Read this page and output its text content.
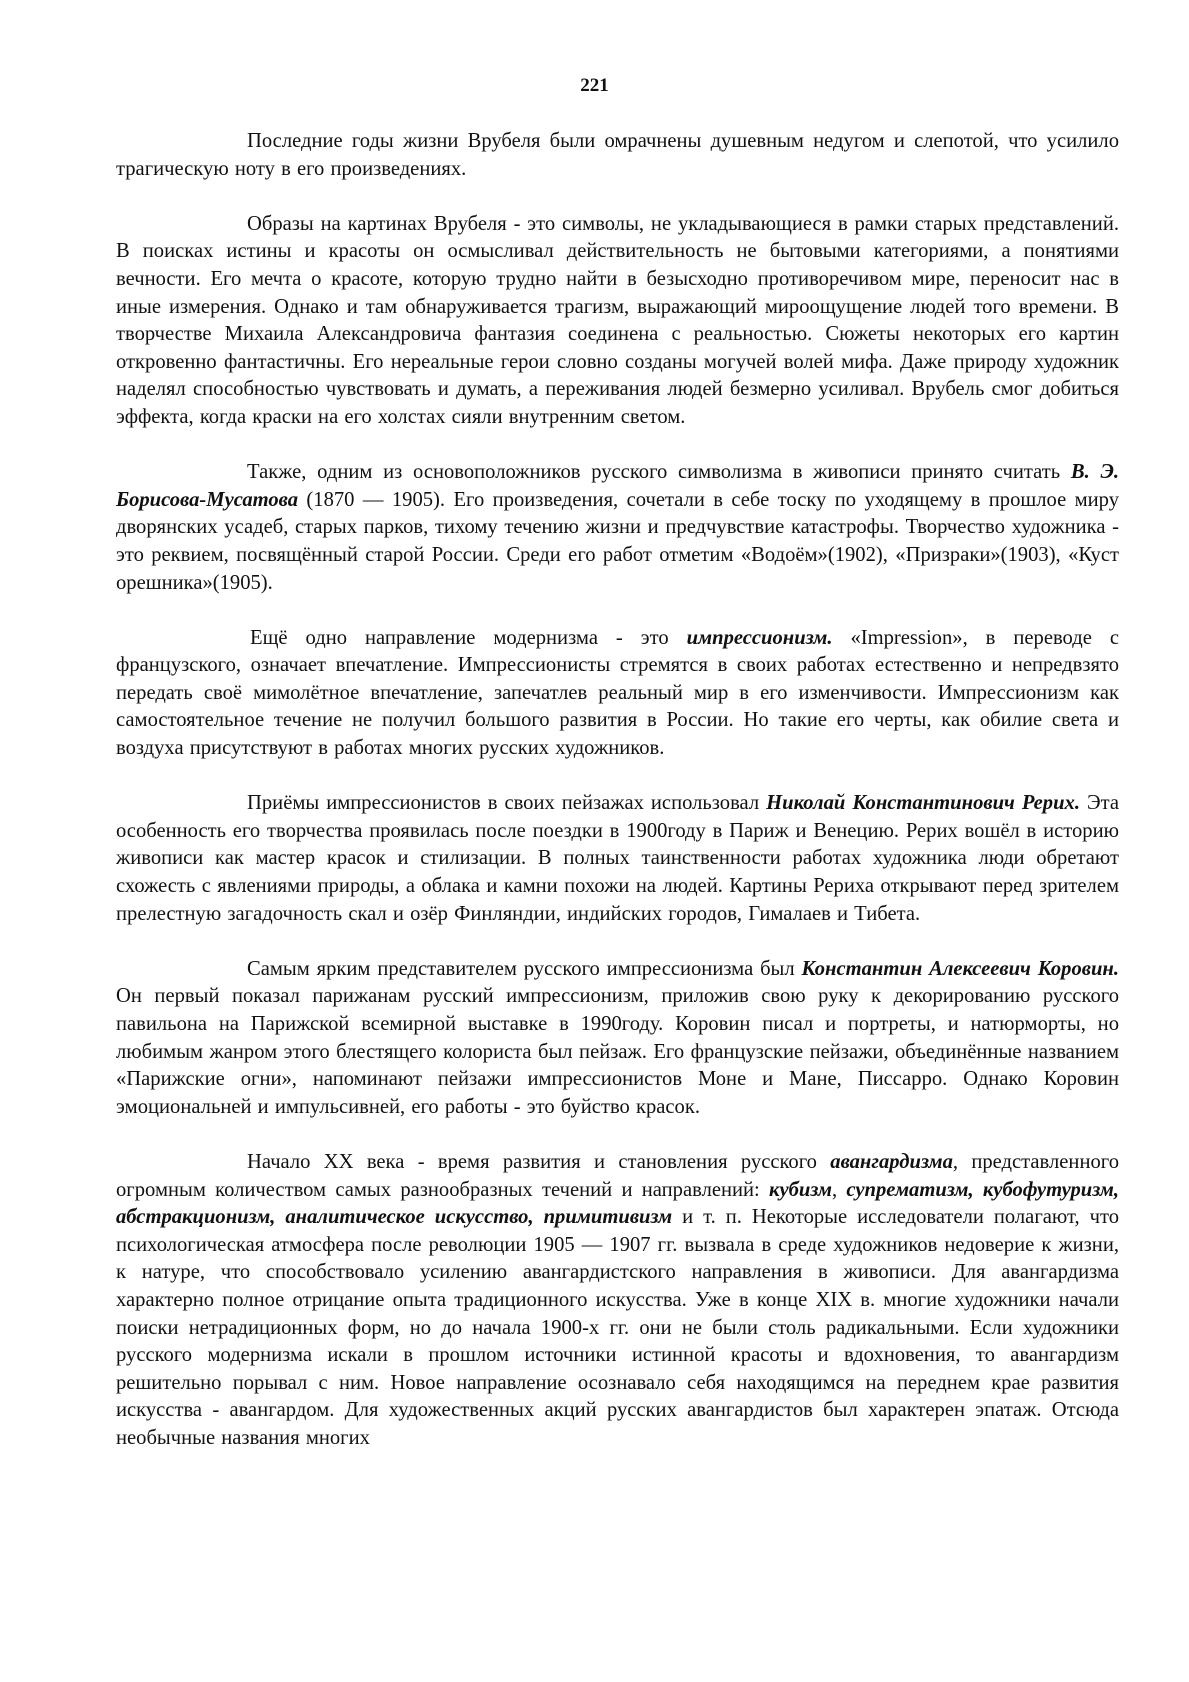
221

Последние годы жизни Врубеля были омрачнены душевным недугом и слепотой, что усилило трагическую ноту в его произведениях.

Образы на картинах Врубеля - это символы, не укладывающиеся в рамки старых представлений. В поисках истины и красоты он осмысливал действительность не бытовыми категориями, а понятиями вечности. Его мечта о красоте, которую трудно найти в безысходно противоречивом мире, переносит нас в иные измерения. Однако и там обнаруживается трагизм, выражающий мироощущение людей того времени. В творчестве Михаила Александровича фантазия соединена с реальностью. Сюжеты некоторых его картин откровенно фантастичны. Его нереальные герои словно созданы могучей волей мифа. Даже природу художник наделял способностью чувствовать и думать, а переживания людей безмерно усиливал. Врубель смог добиться эффекта, когда краски на его холстах сияли внутренним светом.

Также, одним из основоположников русского символизма в живописи принято считать В. Э. Борисова-Мусатова (1870 — 1905). Его произведения, сочетали в себе тоску по уходящему в прошлое миру дворянских усадеб, старых парков, тихому течению жизни и предчувствие катастрофы. Творчество художника - это реквием, посвящённый старой России. Среди его работ отметим «Водоём»(1902), «Призраки»(1903), «Куст орешника»(1905).

Ещё одно направление модернизма - это импрессионизм. «Impression», в переводе с французского, означает впечатление. Импрессионисты стремятся в своих работах естественно и непредвзято передать своё мимолётное впечатление, запечатлев реальный мир в его изменчивости. Импрессионизм как самостоятельное течение не получил большого развития в России. Но такие его черты, как обилие света и воздуха присутствуют в работах многих русских художников.

Приёмы импрессионистов в своих пейзажах использовал Николай Константинович Рерих. Эта особенность его творчества проявилась после поездки в 1900году в Париж и Венецию. Рерих вошёл в историю живописи как мастер красок и стилизации. В полных таинственности работах художника люди обретают схожесть с явлениями природы, а облака и камни похожи на людей. Картины Рериха открывают перед зрителем прелестную загадочность скал и озёр Финляндии, индийских городов, Гималаев и Тибета.

Самым ярким представителем русского импрессионизма был Константин Алексеевич Коровин. Он первый показал парижанам русский импрессионизм, приложив свою руку к декорированию русского павильона на Парижской всемирной выставке в 1990году. Коровин писал и портреты, и натюрморты, но любимым жанром этого блестящего колориста был пейзаж. Его французские пейзажи, объединённые названием «Парижские огни», напоминают пейзажи импрессионистов Моне и Мане, Писсарро. Однако Коровин эмоциональней и импульсивней, его работы - это буйство красок.

Начало XX века - время развития и становления русского авангардизма, представленного огромным количеством самых разнообразных течений и направлений: кубизм, супрематизм, кубофутуризм, абстракционизм, аналитическое искусство, примитивизм и т. п. Некоторые исследователи полагают, что психологическая атмосфера после революции 1905 — 1907 гг. вызвала в среде художников недоверие к жизни, к натуре, что способствовало усилению авангардистского направления в живописи. Для авангардизма характерно полное отрицание опыта традиционного искусства. Уже в конце XIX в. многие художники начали поиски нетрадиционных форм, но до начала 1900-х гг. они не были столь радикальными. Если художники русского модернизма искали в прошлом источники истинной красоты и вдохновения, то авангардизм решительно порывал с ним. Новое направление осознавало себя находящимся на переднем крае развития искусства - авангардом. Для художественных акций русских авангардистов был характерен эпатаж. Отсюда необычные названия многих
